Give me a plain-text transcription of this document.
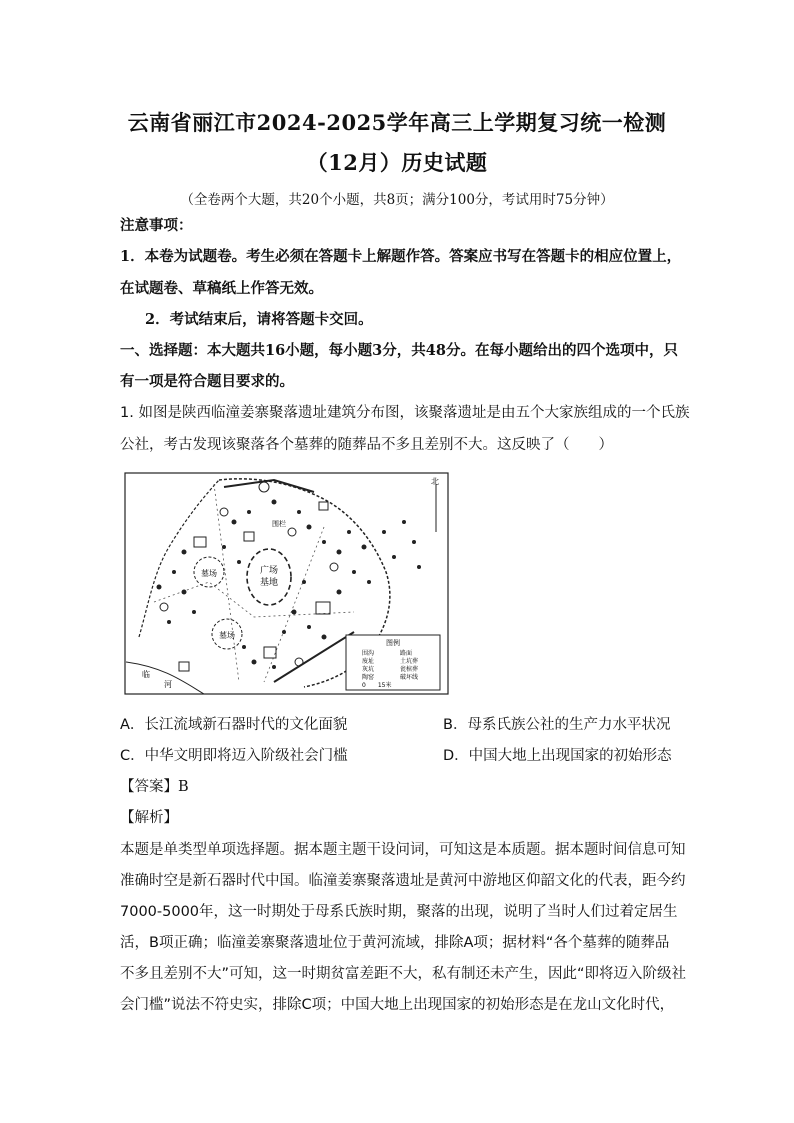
云南省丽江市2024-2025学年高三上学期复习统一检测
（12月）历史试题
（全卷两个大题，共20个小题，共8页；满分100分，考试用时75分钟）
注意事项：
1．本卷为试题卷。考生必须在答题卡上解题作答。答案应书写在答题卡的相应位置上，
在试题卷、草稿纸上作答无效。
2．考试结束后，请将答题卡交回。
一、选择题：本大题共16小题，每小题3分，共48分。在每小题给出的四个选项中，只
有一项是符合题目要求的。
1. 如图是陕西临潼姜寨聚落遗址建筑分布图，该聚落遗址是由五个大家族组成的一个氏族
公社，考古发现该聚落各个墓葬的随葬品不多且差别不大。这反映了（　　）
广场
基地
墓场
墓场
围栏
临
河
北
图例
围沟	路面
废址	土坑葬
灰坑	瓮棺葬
陶窑	破坏线
0　　15米
A．长江流域新石器时代的文化面貌	B．母系氏族公社的生产力水平状况
C．中华文明即将迈入阶级社会门槛	D．中国大地上出现国家的初始形态
【答案】B
【解析】
本题是单类型单项选择题。据本题主题干设问词，可知这是本质题。据本题时间信息可知
准确时空是新石器时代中国。临潼姜寨聚落遗址是黄河中游地区仰韶文化的代表，距今约
7000-5000年，这一时期处于母系氏族时期，聚落的出现，说明了当时人们过着定居生
活，B项正确；临潼姜寨聚落遗址位于黄河流域，排除A项；据材料“各个墓葬的随葬品
不多且差别不大”可知，这一时期贫富差距不大，私有制还未产生，因此“即将迈入阶级社
会门槛”说法不符史实，排除C项；中国大地上出现国家的初始形态是在龙山文化时代，
